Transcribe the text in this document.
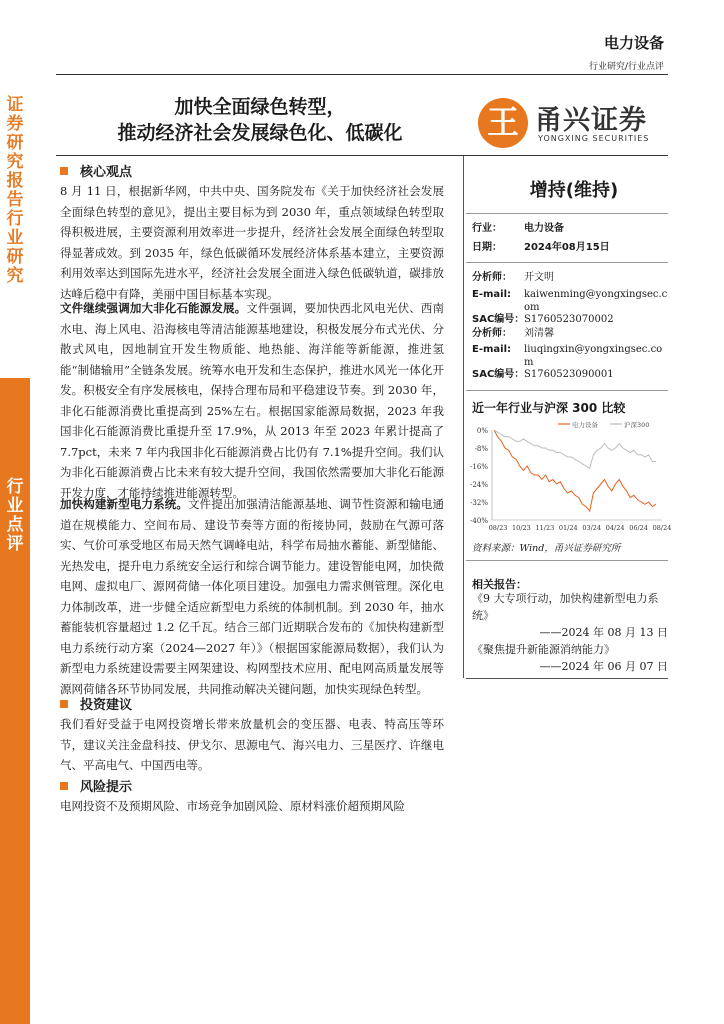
证券研究报告 行业研究
行业点评
电力设备
行业研究/行业点评
加快全面绿色转型，
推动经济社会发展绿色化、低碳化	王 甬兴证券
YONGXING SECURITIES
核心观点
8 月 11 日，根据新华网，中共中央、国务院发布《关于加快经济社会发展全面绿色转型的意见》，提出主要目标为到 2030 年，重点领域绿色转型取得积极进展，主要资源利用效率进一步提升，经济社会发展全面绿色转型取得显著成效。到 2035 年，绿色低碳循环发展经济体系基本建立，主要资源利用效率达到国际先进水平，经济社会发展全面进入绿色低碳轨道，碳排放达峰后稳中有降，美丽中国目标基本实现。
文件继续强调加大非化石能源发展。文件强调，要加快西北风电光伏、西南水电、海上风电、沿海核电等清洁能源基地建设，积极发展分布式光伏、分散式风电，因地制宜开发生物质能、地热能、海洋能等新能源，推进氢能“制储输用”全链条发展。统筹水电开发和生态保护，推进水风光一体化开发。积极安全有序发展核电，保持合理布局和平稳建设节奏。到 2030 年，非化石能源消费比重提高到 25%左右。根据国家能源局数据，2023 年我国非化石能源消费比重提升至 17.9%，从 2013 年至 2023 年累计提高了 7.7pct，未来 7 年内我国非化石能源消费占比仍有 7.1%提升空间。我们认为非化石能源消费占比未来有较大提升空间，我国依然需要加大非化石能源开发力度，才能持续推进能源转型。
加快构建新型电力系统。文件提出加强清洁能源基地、调节性资源和输电通道在规模能力、空间布局、建设节奏等方面的衔接协同，鼓励在气源可落实、气价可承受地区布局天然气调峰电站，科学布局抽水蓄能、新型储能、光热发电，提升电力系统安全运行和综合调节能力。建设智能电网，加快微电网、虚拟电厂、源网荷储一体化项目建设。加强电力需求侧管理。深化电力体制改革，进一步健全适应新型电力系统的体制机制。到 2030 年，抽水蓄能装机容量超过 1.2 亿千瓦。结合三部门近期联合发布的《加快构建新型电力系统行动方案（2024—2027 年）》（根据国家能源局数据），我们认为新型电力系统建设需要主网架建设、构网型技术应用、配电网高质量发展等源网荷储各环节协同发展，共同推动解决关键问题，加快实现绿色转型。
投资建议
我们看好受益于电网投资增长带来放量机会的变压器、电表、特高压等环节，建议关注金盘科技、伊戈尔、思源电气、海兴电力、三星医疗、许继电气、平高电气、中国西电等。
风险提示
电网投资不及预期风险、市场竞争加剧风险、原材料涨价超预期风险
增持(维持)
行业： 电力设备
日期： 2024年08月15日
分析师： 开文明
E-mail: kaiwenming@yongxingsec.com
SAC编号： S1760523070002
分析师： 刘清馨
E-mail: liuqingxin@yongxingsec.com
SAC编号： S1760523090001
近一年行业与沪深 300 比较
0%
-8%
-16%
-24%
-32%
-40%
08/23 10/23 11/23 01/24 03/24 04/24 06/24 08/24
电力设备	沪深300
资料来源：Wind，甬兴证券研究所
相关报告：
《9 大专项行动，加快构建新型电力系统》
——2024 年 08 月 13 日
《聚焦提升新能源消纳能力》
——2024 年 06 月 07 日
